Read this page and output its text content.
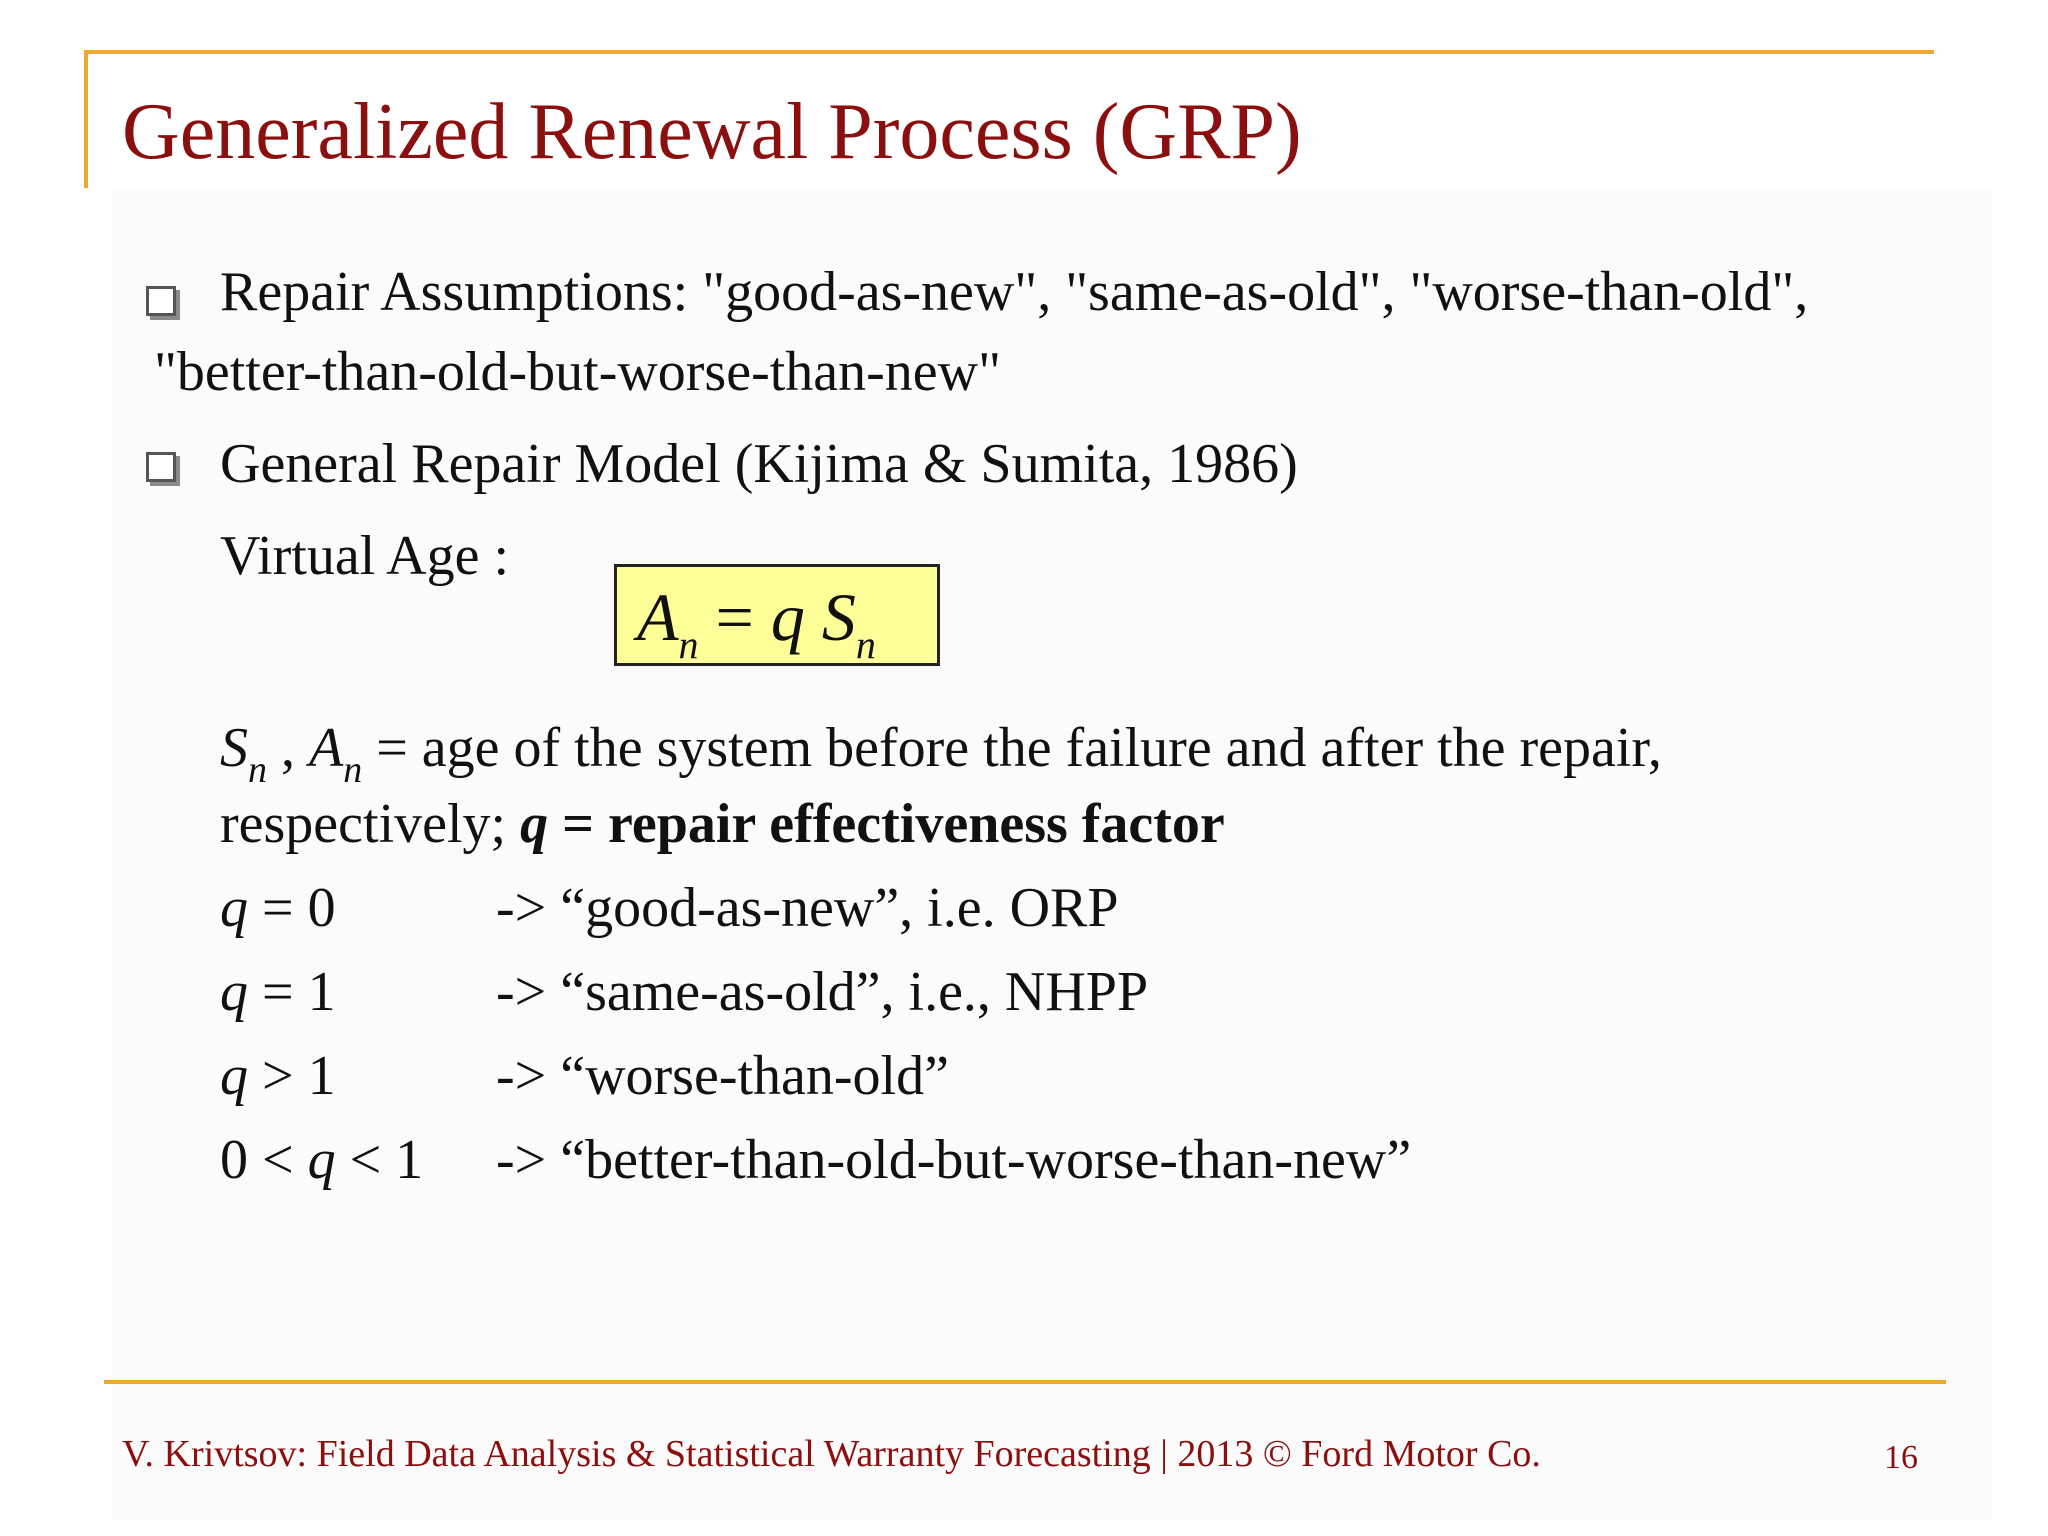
Generalized Renewal Process (GRP)
Repair Assumptions: "good-as-new", "same-as-old", "worse-than-old",
"better-than-old-but-worse-than-new"
General Repair Model (Kijima & Sumita, 1986)
Virtual Age :
$A_n = q$ $S_n$
$S_n$ , $A_n$ = age of the system before the failure and after the repair,
respectively; q = repair effectiveness factor
q = 0	-> “good-as-new”, i.e. ORP
q = 1	-> “same-as-old”, i.e., NHPP
q > 1	-> “worse-than-old”
0 < q < 1 -> “better-than-old-but-worse-than-new”
V. Krivtsov: Field Data Analysis & Statistical Warranty Forecasting | 2013 © Ford Motor Co.	16
